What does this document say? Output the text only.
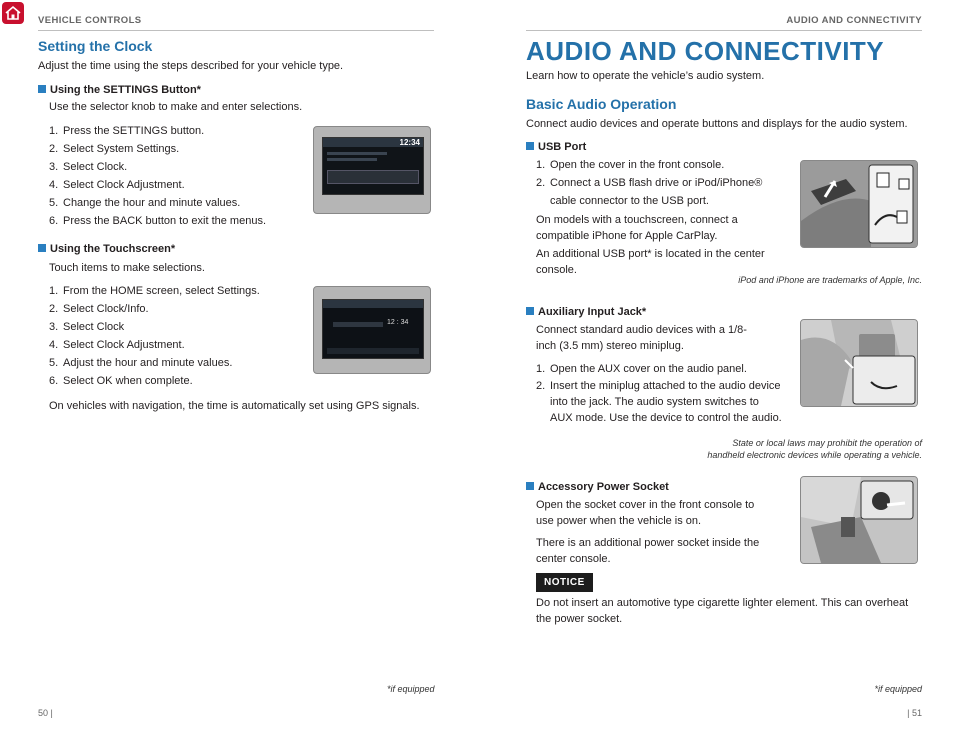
VEHICLE CONTROLS
Setting the Clock
Adjust the time using the steps described for your vehicle type.
Using the SETTINGS Button*
Use the selector knob to make and enter selections.
1. Press the SETTINGS button.
2. Select System Settings.
3. Select Clock.
4. Select Clock Adjustment.
5. Change the hour and minute values.
6. Press the BACK button to exit the menus.
12:34
Using the Touchscreen*
Touch items to make selections.
1. From the HOME screen, select Settings.
2. Select Clock/Info.
3. Select Clock
4. Select Clock Adjustment.
5. Adjust the hour and minute values.
6. Select OK when complete.
12 : 34
On vehicles with navigation, the time is automatically set using GPS signals.
*if equipped
50 |
AUDIO AND CONNECTIVITY
AUDIO AND CONNECTIVITY
Learn how to operate the vehicle’s audio system.
Basic Audio Operation
Connect audio devices and operate buttons and displays for the audio system.
USB Port
1. Open the cover in the front console.
2. Connect a USB flash drive or iPod/iPhone® cable connector to the USB port.
On models with a touchscreen, connect a compatible iPhone for Apple CarPlay.
An additional USB port* is located in the center console.
iPod and iPhone are trademarks of Apple, Inc.
Auxiliary Input Jack*
Connect standard audio devices with a 1/8-inch (3.5 mm) stereo miniplug.
1. Open the AUX cover on the audio panel.
2. Insert the miniplug attached to the audio device into the jack. The audio system switches to AUX mode. Use the device to control the audio.
State or local laws may prohibit the operation of
handheld electronic devices while operating a vehicle.
Accessory Power Socket
Open the socket cover in the front console to use power when the vehicle is on.
There is an additional power socket inside the center console.
NOTICE
Do not insert an automotive type cigarette lighter element. This can overheat the power socket.
*if equipped
| 51
